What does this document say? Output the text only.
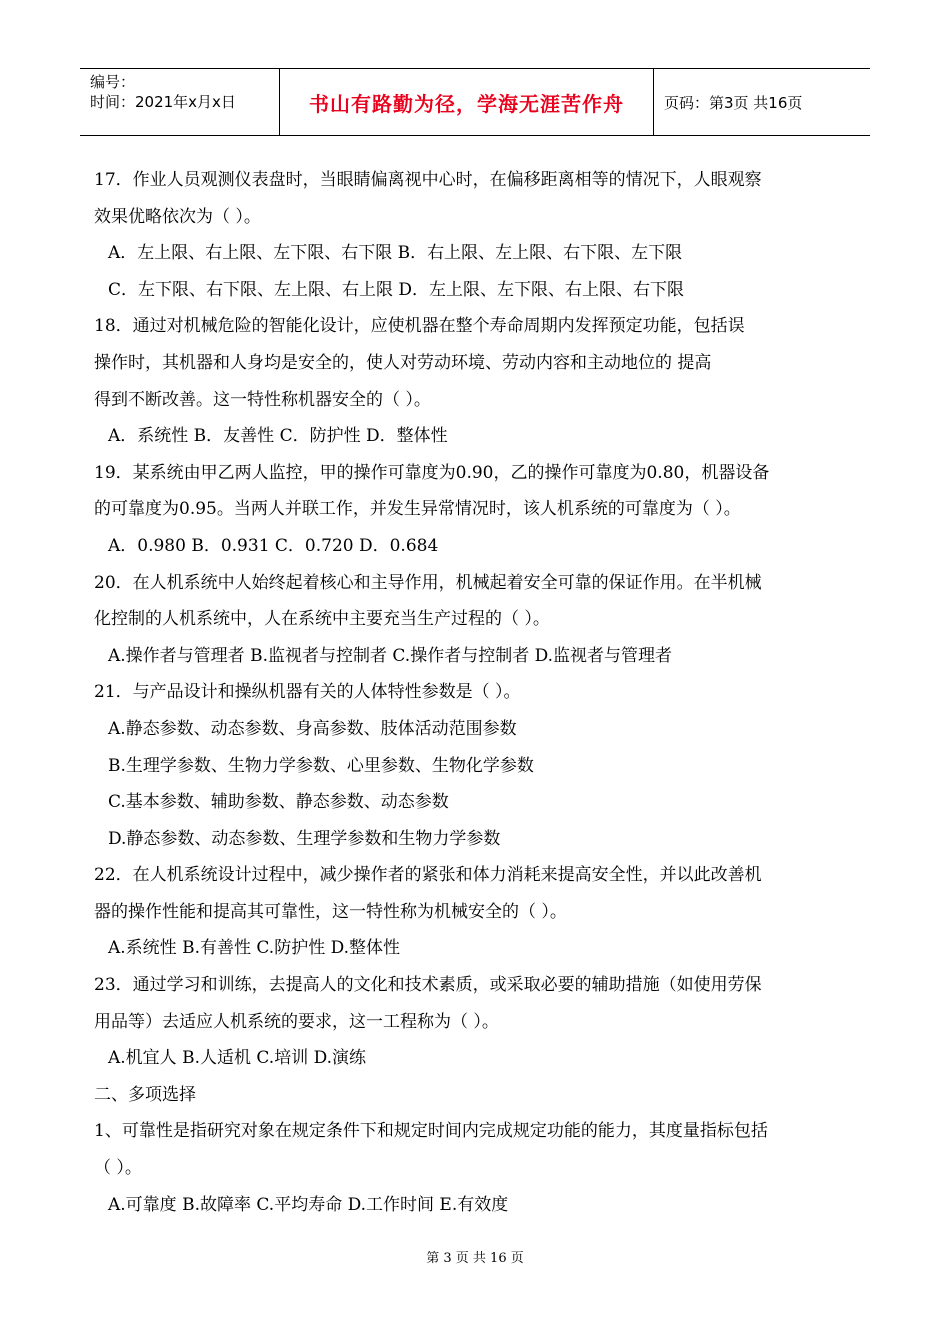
编号：
时间：2021年x月x日	书山有路勤为径，学海无涯苦作舟	页码：第3页 共16页
17．作业人员观测仪表盘时，当眼睛偏离视中心时，在偏移距离相等的情况下，人眼观察
效果优略依次为（ ）。
A．左上限、右上限、左下限、右下限 B．右上限、左上限、右下限、左下限
C．左下限、右下限、左上限、右上限 D．左上限、左下限、右上限、右下限
18．通过对机械危险的智能化设计，应使机器在整个寿命周期内发挥预定功能，包括误
操作时，其机器和人身均是安全的，使人对劳动环境、劳动内容和主动地位的 提高
得到不断改善。这一特性称机器安全的（ ）。
A．系统性 B．友善性 C．防护性 D．整体性
19．某系统由甲乙两人监控，甲的操作可靠度为0.90，乙的操作可靠度为0.80，机器设备
的可靠度为0.95。当两人并联工作，并发生异常情况时，该人机系统的可靠度为（ ）。
A．0.980 B．0.931 C．0.720 D．0.684
20．在人机系统中人始终起着核心和主导作用，机械起着安全可靠的保证作用。在半机械
化控制的人机系统中，人在系统中主要充当生产过程的（ ）。
A.操作者与管理者 B.监视者与控制者 C.操作者与控制者 D.监视者与管理者
21．与产品设计和操纵机器有关的人体特性参数是（ ）。
A.静态参数、动态参数、身高参数、肢体活动范围参数
B.生理学参数、生物力学参数、心里参数、生物化学参数
C.基本参数、辅助参数、静态参数、动态参数
D.静态参数、动态参数、生理学参数和生物力学参数
22．在人机系统设计过程中，减少操作者的紧张和体力消耗来提高安全性，并以此改善机
器的操作性能和提高其可靠性，这一特性称为机械安全的（ ）。
A.系统性 B.有善性 C.防护性 D.整体性
23．通过学习和训练，去提高人的文化和技术素质，或采取必要的辅助措施（如使用劳保
用品等）去适应人机系统的要求，这一工程称为（ ）。
A.机宜人 B.人适机 C.培训 D.演练
二、多项选择
1、可靠性是指研究对象在规定条件下和规定时间内完成规定功能的能力，其度量指标包括
（ ）。
A.可靠度 B.故障率 C.平均寿命 D.工作时间 E.有效度
第 3 页 共 16 页
